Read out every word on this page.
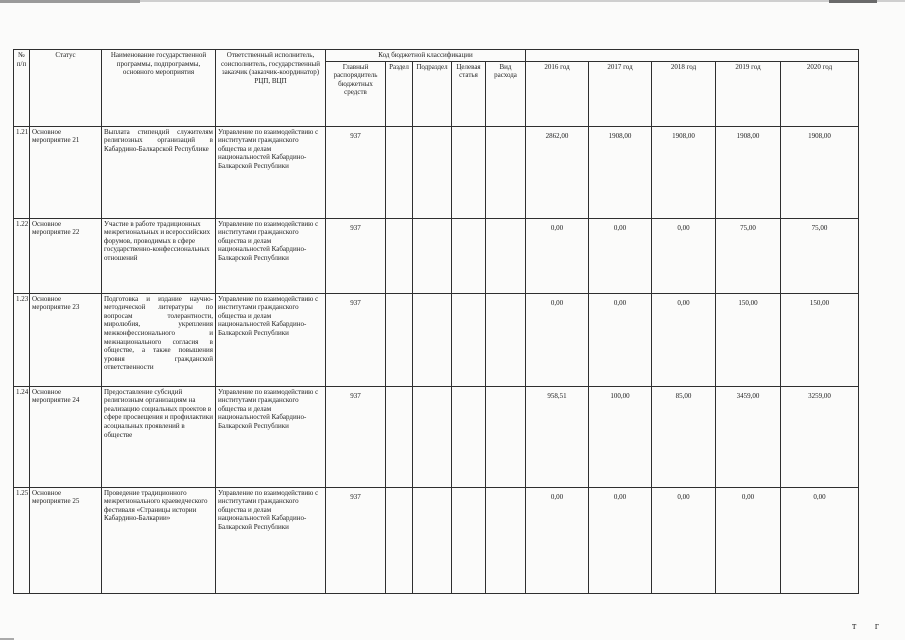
№ п/п	Статус	Наименование государственной программы, подпрограммы, основного мероприятия	Ответственный исполнитель, соисполнитель, государственный заказчик (заказчик-координатор) РЦП, ВЦП	Код бюджетной классификации									
				Главный распорядитель бюджетных средств	Раздел	Подраздел	Целевая статья	Вид расхода	2016 год	2017 год	2018 год	2019 год	2020 год
1.21	Основное мероприятие 21	Выплата стипендий служителям религиозных организаций в Кабардино-Балкарской Республике	Управление по взаимодействию с институтами гражданского общества и делам национальностей Кабардино-Балкарской Республики	937					2862,00	1908,00	1908,00	1908,00	1908,00
1.22	Основное мероприятие 22	Участие в работе традиционных межрегиональных и всероссийских форумов, проводимых в сфере государственно-конфессиональных отношений	Управление по взаимодействию с институтами гражданского общества и делам национальностей Кабардино-Балкарской Республики	937					0,00	0,00	0,00	75,00	75,00
1.23	Основное мероприятие 23	Подготовка и издание научно-методической литературы по вопросам толерантности, миролюбия, укрепления межконфессионального и межнационального согласия в обществе, а также повышения уровня гражданской ответственности	Управление по взаимодействию с институтами гражданского общества и делам национальностей Кабардино-Балкарской Республики	937					0,00	0,00	0,00	150,00	150,00
1.24	Основное мероприятие 24	Предоставление субсидий религиозным организациям на реализацию социальных проектов в сфере просвещения и профилактики асоциальных проявлений в обществе	Управление по взаимодействию с институтами гражданского общества и делам национальностей Кабардино-Балкарской Республики	937					958,51	100,00	85,00	3459,00	3259,00
1.25	Основное мероприятие 25	Проведение традиционного межрегионального краеведческого фестиваля «Страницы истории Кабардино-Балкарии»	Управление по взаимодействию с институтами гражданского общества и делам национальностей Кабардино-Балкарской Республики	937					0,00	0,00	0,00	0,00	0,00
т г
